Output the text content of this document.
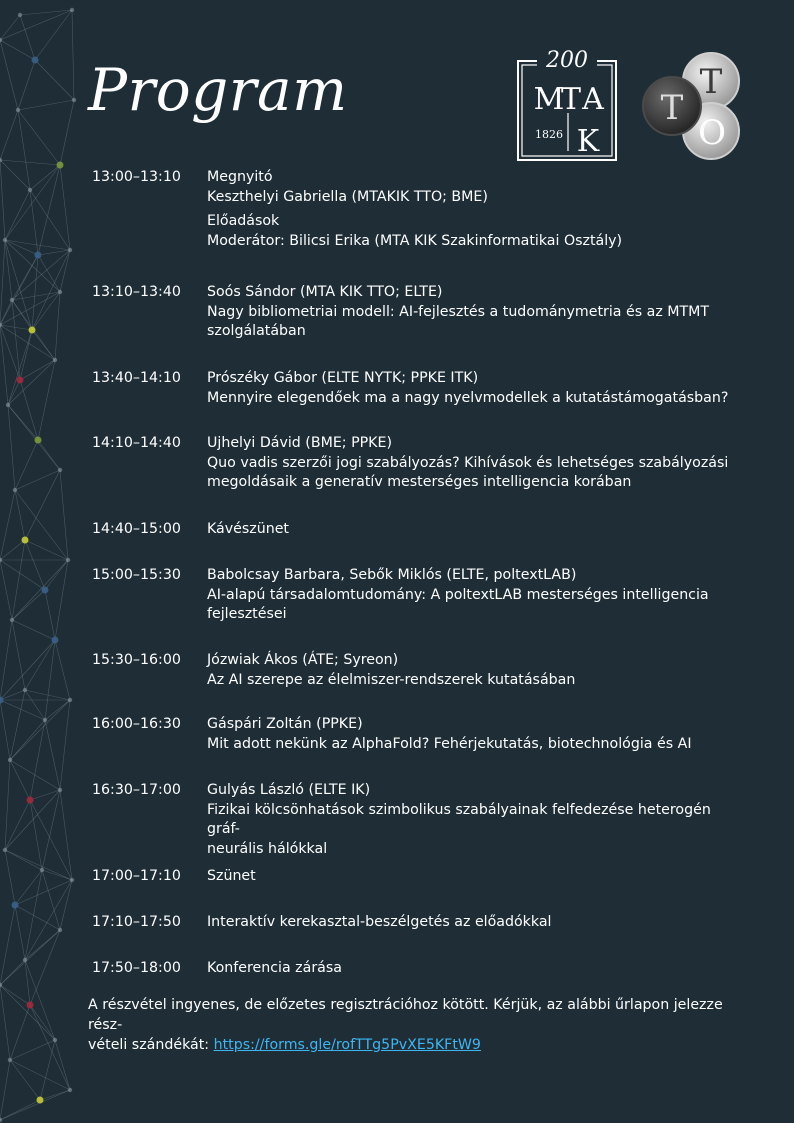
Program	200
M
T A
1826 K
T
T
O
13:00–13:10	Megnyitó
Keszthelyi Gabriella (MTAKIK TTO; BME)
Előadások
Moderátor: Bilicsi Erika (MTA KIK Szakinformatikai Osztály)
13:10–13:40	Soós Sándor (MTA KIK TTO; ELTE)
Nagy bibliometriai modell: AI-fejlesztés a tudománymetria és az MTMT
szolgálatában
13:40–14:10	Prószéky Gábor (ELTE NYTK; PPKE ITK)
Mennyire elegendőek ma a nagy nyelvmodellek a kutatástámogatásban?
14:10–14:40	Ujhelyi Dávid (BME; PPKE)
Quo vadis szerzői jogi szabályozás? Kihívások és lehetséges szabályozási
megoldásaik a generatív mesterséges intelligencia korában
14:40–15:00	Kávészünet
15:00–15:30	Babolcsay Barbara, Sebők Miklós (ELTE, poltextLAB)
AI-alapú társadalomtudomány: A poltextLAB mesterséges intelligencia
fejlesztései
15:30–16:00	Józwiak Ákos (ÁTE; Syreon)
Az AI szerepe az élelmiszer-rendszerek kutatásában
16:00–16:30	Gáspári Zoltán (PPKE)
Mit adott nekünk az AlphaFold? Fehérjekutatás, biotechnológia és AI
16:30–17:00	Gulyás László (ELTE IK)
Fizikai kölcsönhatások szimbolikus szabályainak felfedezése heterogén gráf-
neurális hálókkal
17:00–17:10	Szünet
17:10–17:50	Interaktív kerekasztal-beszélgetés az előadókkal
17:50–18:00	Konferencia zárása
A részvétel ingyenes, de előzetes regisztrációhoz kötött. Kérjük, az alábbi űrlapon jelezze rész-
vételi szándékát: https://forms.gle/rofTTg5PvXE5KFtW9
